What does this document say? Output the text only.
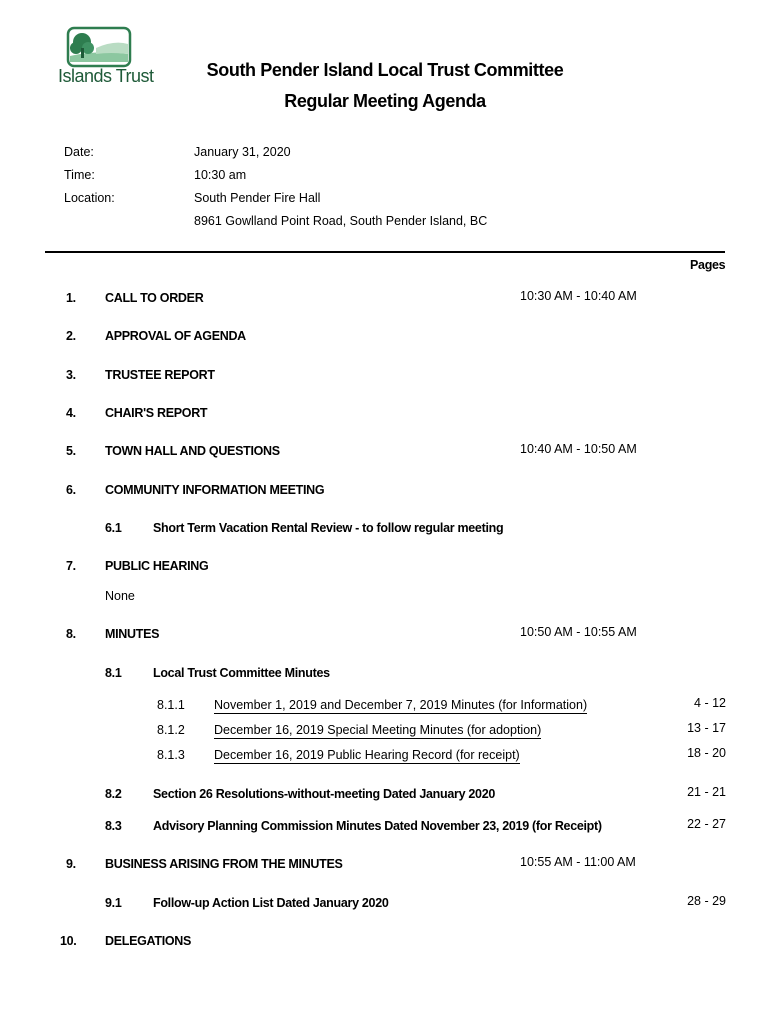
Islands Trust	South Pender Island Local Trust Committee
Regular Meeting Agenda
Date:	January 31, 2020
Time:	10:30 am
Location:	South Pender Fire Hall
8961 Gowlland Point Road, South Pender Island, BC
Pages
1. CALL TO ORDER	10:30 AM - 10:40 AM
2. APPROVAL OF AGENDA
3. TRUSTEE REPORT
4. CHAIR'S REPORT
5. TOWN HALL AND QUESTIONS	10:40 AM - 10:50 AM
6. COMMUNITY INFORMATION MEETING
6.1	Short Term Vacation Rental Review - to follow regular meeting
7. PUBLIC HEARING
None
8. MINUTES	10:50 AM - 10:55 AM
8.1	Local Trust Committee Minutes
8.1.1 November 1, 2019 and December 7, 2019 Minutes (for Information)	4 - 12
8.1.2 December 16, 2019 Special Meeting Minutes (for adoption)	13 - 17
8.1.3 December 16, 2019 Public Hearing Record (for receipt)	18 - 20
8.2	Section 26 Resolutions-without-meeting Dated January 2020	21 - 21
8.3	Advisory Planning Commission Minutes Dated November 23, 2019 (for Receipt)	22 - 27
9. BUSINESS ARISING FROM THE MINUTES	10:55 AM - 11:00 AM
9.1	Follow-up Action List Dated January 2020	28 - 29
10. DELEGATIONS
